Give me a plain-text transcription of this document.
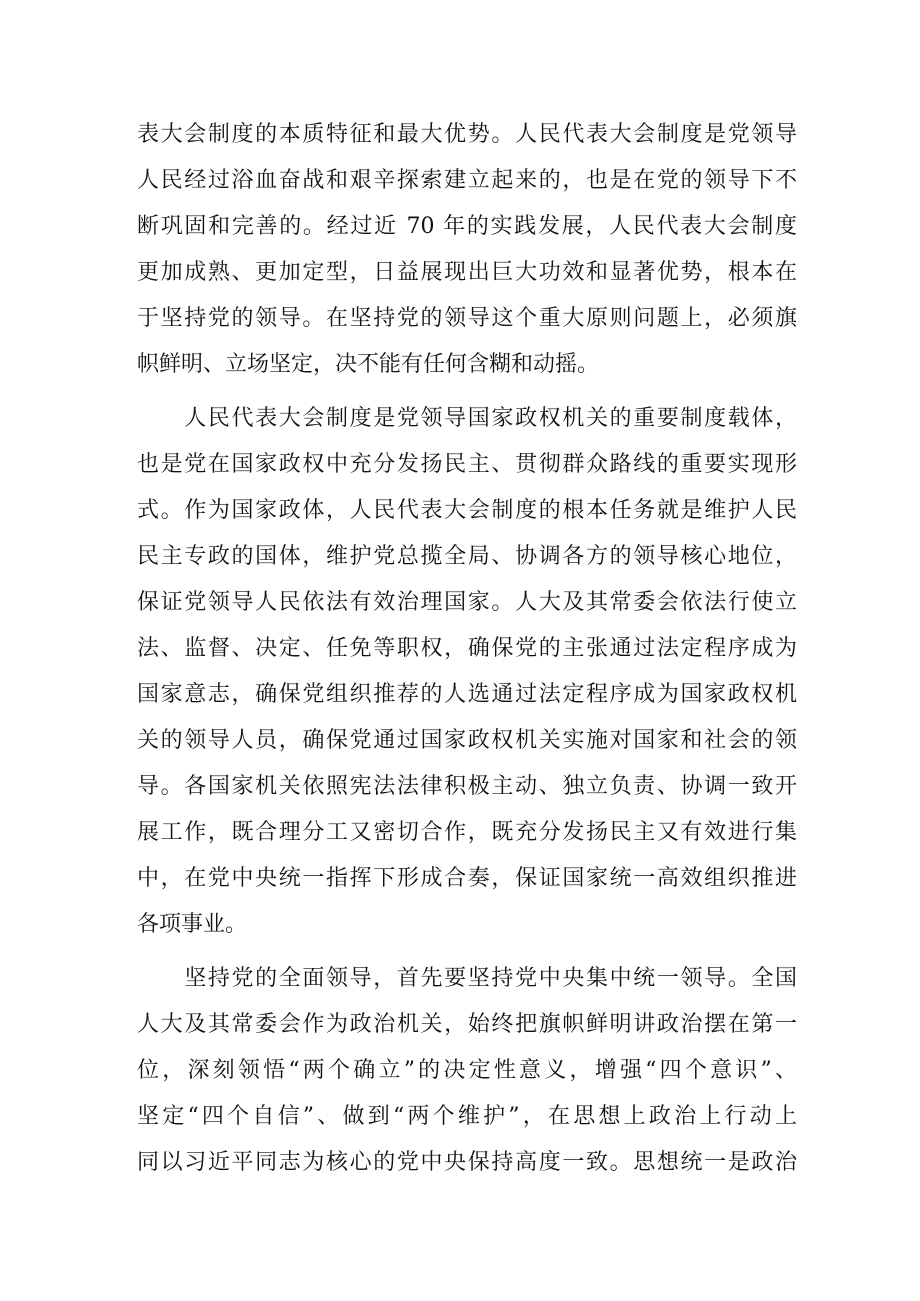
表大会制度的本质特征和最大优势。人民代表大会制度是党领导
人民经过浴血奋战和艰辛探索建立起来的，也是在党的领导下不
断巩固和完善的。经过近 70 年的实践发展，人民代表大会制度
更加成熟、更加定型，日益展现出巨大功效和显著优势，根本在
于坚持党的领导。在坚持党的领导这个重大原则问题上，必须旗
帜鲜明、立场坚定，决不能有任何含糊和动摇。
　　人民代表大会制度是党领导国家政权机关的重要制度载体，
也是党在国家政权中充分发扬民主、贯彻群众路线的重要实现形
式。作为国家政体，人民代表大会制度的根本任务就是维护人民
民主专政的国体，维护党总揽全局、协调各方的领导核心地位，
保证党领导人民依法有效治理国家。人大及其常委会依法行使立
法、监督、决定、任免等职权，确保党的主张通过法定程序成为
国家意志，确保党组织推荐的人选通过法定程序成为国家政权机
关的领导人员，确保党通过国家政权机关实施对国家和社会的领
导。各国家机关依照宪法法律积极主动、独立负责、协调一致开
展工作，既合理分工又密切合作，既充分发扬民主又有效进行集
中，在党中央统一指挥下形成合奏，保证国家统一高效组织推进
各项事业。
　　坚持党的全面领导，首先要坚持党中央集中统一领导。全国
人大及其常委会作为政治机关，始终把旗帜鲜明讲政治摆在第一
位，深刻领悟“两个确立”的决定性意义，增强“四个意识”、
坚定“四个自信”、做到“两个维护”，在思想上政治上行动上
同以习近平同志为核心的党中央保持高度一致。思想统一是政治
